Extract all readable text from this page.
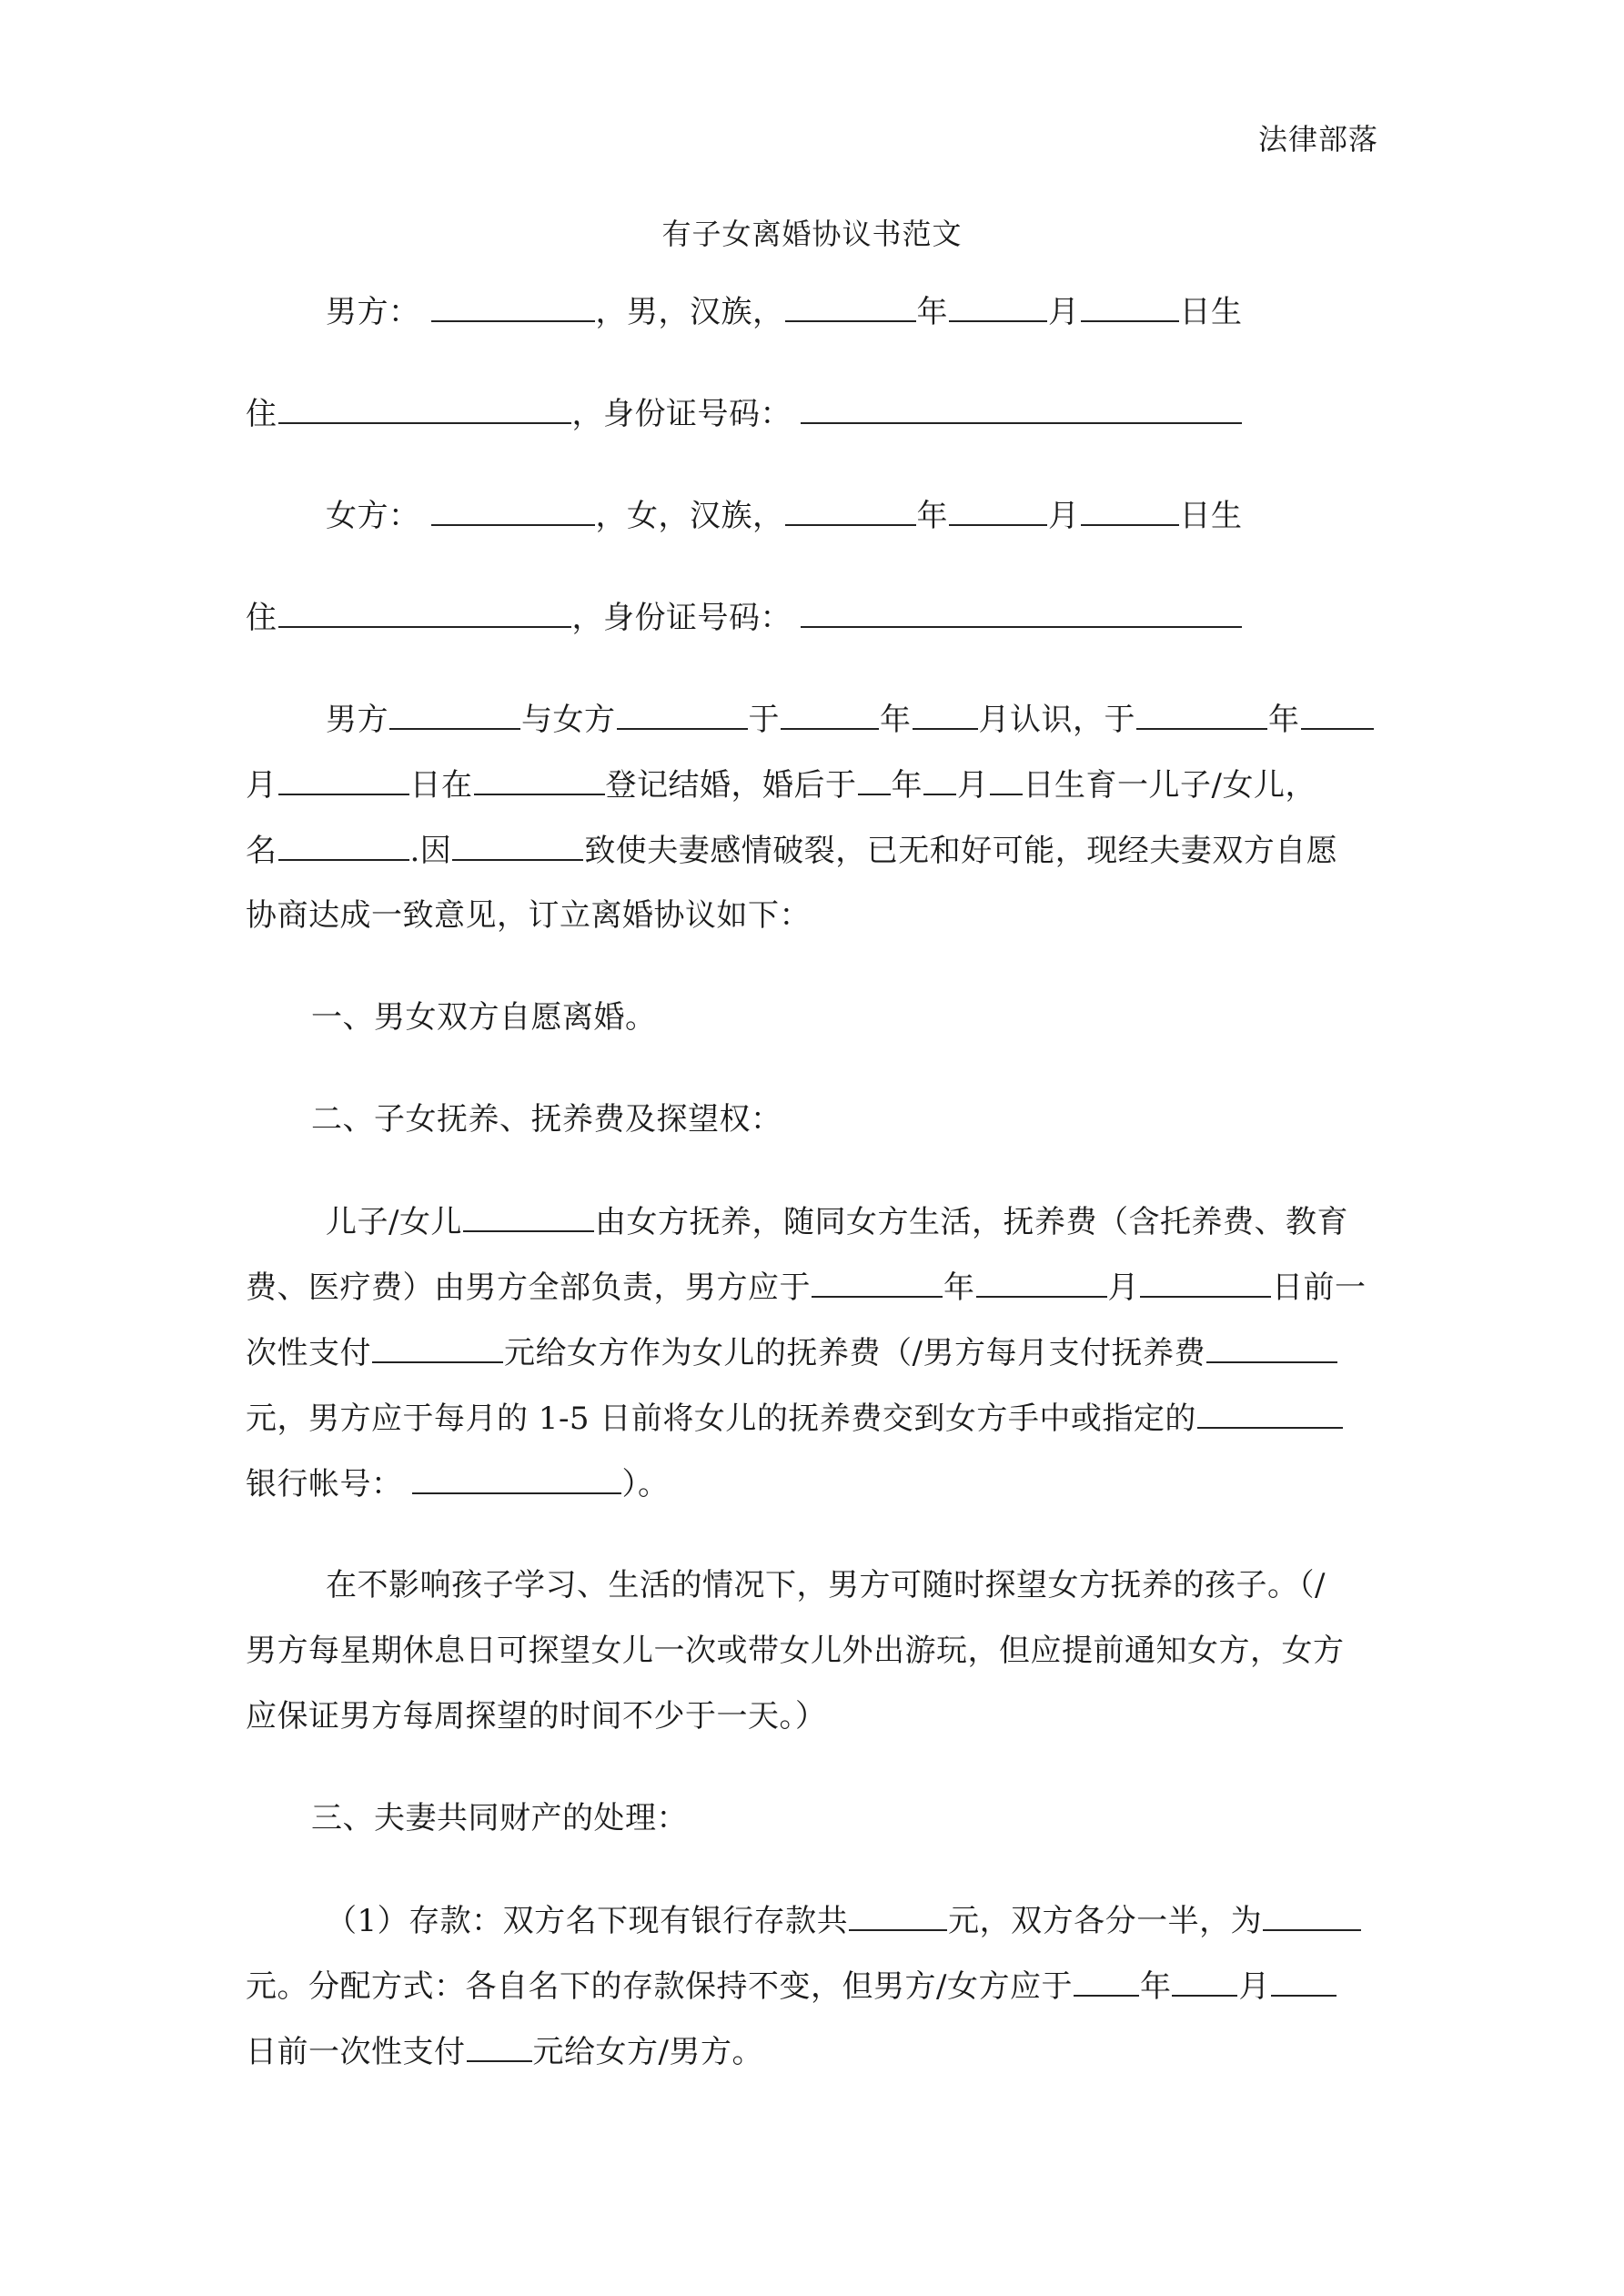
法律部落
有子女离婚协议书范文
男方：	，男，汉族，	年	月	日生
住	，身份证号码：
女方：	，女，汉族，	年	月	日生
住	，身份证号码：
男方	与女方	于	年 月认识，于	年
月	日在	登记结婚，婚后于 年 月 日生育一儿子/女儿，
名	.因	致使夫妻感情破裂，已无和好可能，现经夫妻双方自愿
协商达成一致意见，订立离婚协议如下：
一、男女双方自愿离婚。
二、子女抚养、抚养费及探望权：
儿子/女儿	由女方抚养，随同女方生活，抚养费（含托养费、教育
费、医疗费）由男方全部负责，男方应于	年	月	日前一
次性支付	元给女方作为女儿的抚养费（/男方每月支付抚养费
元，男方应于每月的 1-5 日前将女儿的抚养费交到女方手中或指定的
银行帐号：	）。
在不影响孩子学习、生活的情况下，男方可随时探望女方抚养的孩子。（/
男方每星期休息日可探望女儿一次或带女儿外出游玩，但应提前通知女方，女方
应保证男方每周探望的时间不少于一天。）
三、夫妻共同财产的处理：
（1）存款：双方名下现有银行存款共	元，双方各分一半，为
元。分配方式：各自名下的存款保持不变，但男方/女方应于 年 月
日前一次性支付 元给女方/男方。
